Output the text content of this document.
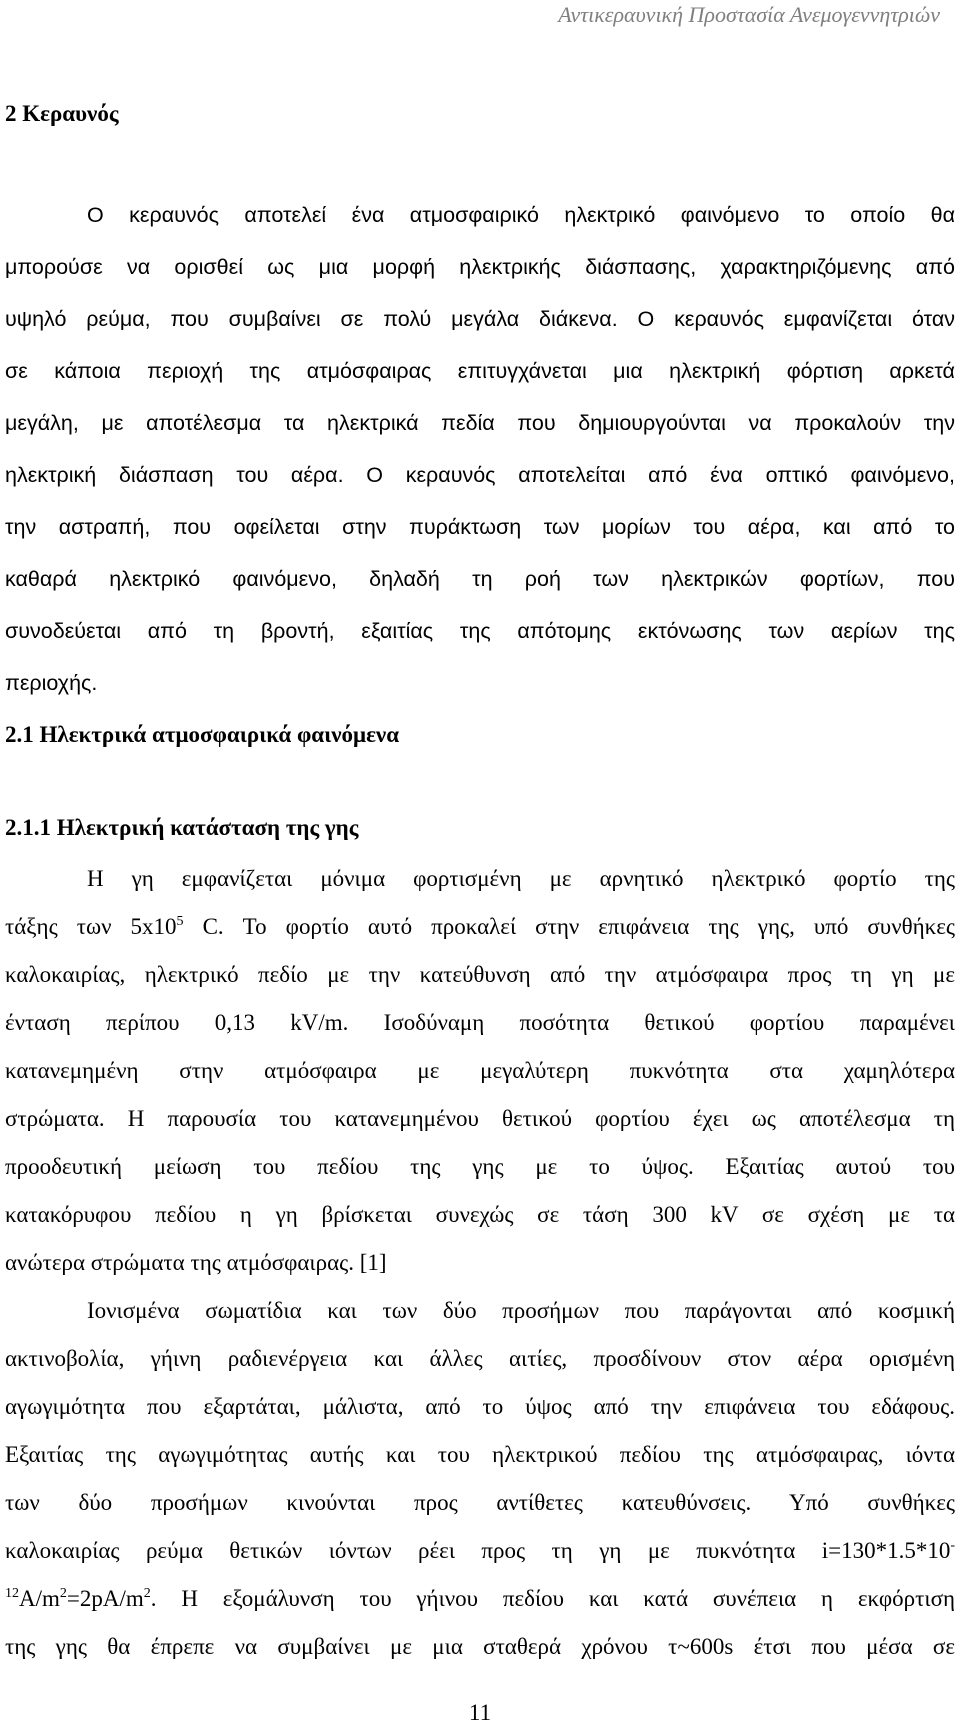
Αντικεραυνική Προστασία Ανεμογεννητριών
2 Κεραυνός
Ο κεραυνός αποτελεί ένα ατμοσφαιρικό ηλεκτρικό φαινόμενο το οποίο θα
μπορούσε να ορισθεί ως μια μορφή ηλεκτρικής διάσπασης, χαρακτηριζόμενης από
υψηλό ρεύμα, που συμβαίνει σε πολύ μεγάλα διάκενα. Ο κεραυνός εμφανίζεται όταν
σε κάποια περιοχή της ατμόσφαιρας επιτυγχάνεται μια ηλεκτρική φόρτιση αρκετά
μεγάλη, με αποτέλεσμα τα ηλεκτρικά πεδία που δημιουργούνται να προκαλούν την
ηλεκτρική διάσπαση του αέρα. Ο κεραυνός αποτελείται από ένα οπτικό φαινόμενο,
την αστραπή, που οφείλεται στην πυράκτωση των μορίων του αέρα, και από το
καθαρά ηλεκτρικό φαινόμενο, δηλαδή τη ροή των ηλεκτρικών φορτίων, που
συνοδεύεται από τη βροντή, εξαιτίας της απότομης εκτόνωσης των αερίων της
περιοχής.
2.1 Ηλεκτρικά ατμοσφαιρικά φαινόμενα
2.1.1 Ηλεκτρική κατάσταση της γης
Η γη εμφανίζεται μόνιμα φορτισμένη με αρνητικό ηλεκτρικό φορτίο της
τάξης των $5x10^5$ C. Το φορτίο αυτό προκαλεί στην επιφάνεια της γης, υπό συνθήκες
καλοκαιρίας, ηλεκτρικό πεδίο με την κατεύθυνση από την ατμόσφαιρα προς τη γη με
ένταση περίπου 0,13 kV/m. Ισοδύναμη ποσότητα θετικού φορτίου παραμένει
κατανεμημένη στην ατμόσφαιρα με μεγαλύτερη πυκνότητα στα χαμηλότερα
στρώματα. Η παρουσία του κατανεμημένου θετικού φορτίου έχει ως αποτέλεσμα τη
προοδευτική μείωση του πεδίου της γης με το ύψος. Εξαιτίας αυτού του
κατακόρυφου πεδίου η γη βρίσκεται συνεχώς σε τάση 300 kV σε σχέση με τα
ανώτερα στρώματα της ατμόσφαιρας. [1]
Ιονισμένα σωματίδια και των δύο προσήμων που παράγονται από κοσμική
ακτινοβολία, γήινη ραδιενέργεια και άλλες αιτίες, προσδίνουν στον αέρα ορισμένη
αγωγιμότητα που εξαρτάται, μάλιστα, από το ύψος από την επιφάνεια του εδάφους.
Εξαιτίας της αγωγιμότητας αυτής και του ηλεκτρικού πεδίου της ατμόσφαιρας, ιόντα
των δύο προσήμων κινούνται προς αντίθετες κατευθύνσεις. Υπό συνθήκες
καλοκαιρίας ρεύμα θετικών ιόντων ρέει προς τη γη με πυκνότητα i=130*1.5*10-
$^{12}A/m^2=2pA/m^2$. Η εξομάλυνση του γήινου πεδίου και κατά συνέπεια η εκφόρτιση
της γης θα έπρεπε να συμβαίνει με μια σταθερά χρόνου τ~600s έτσι που μέσα σε
11
